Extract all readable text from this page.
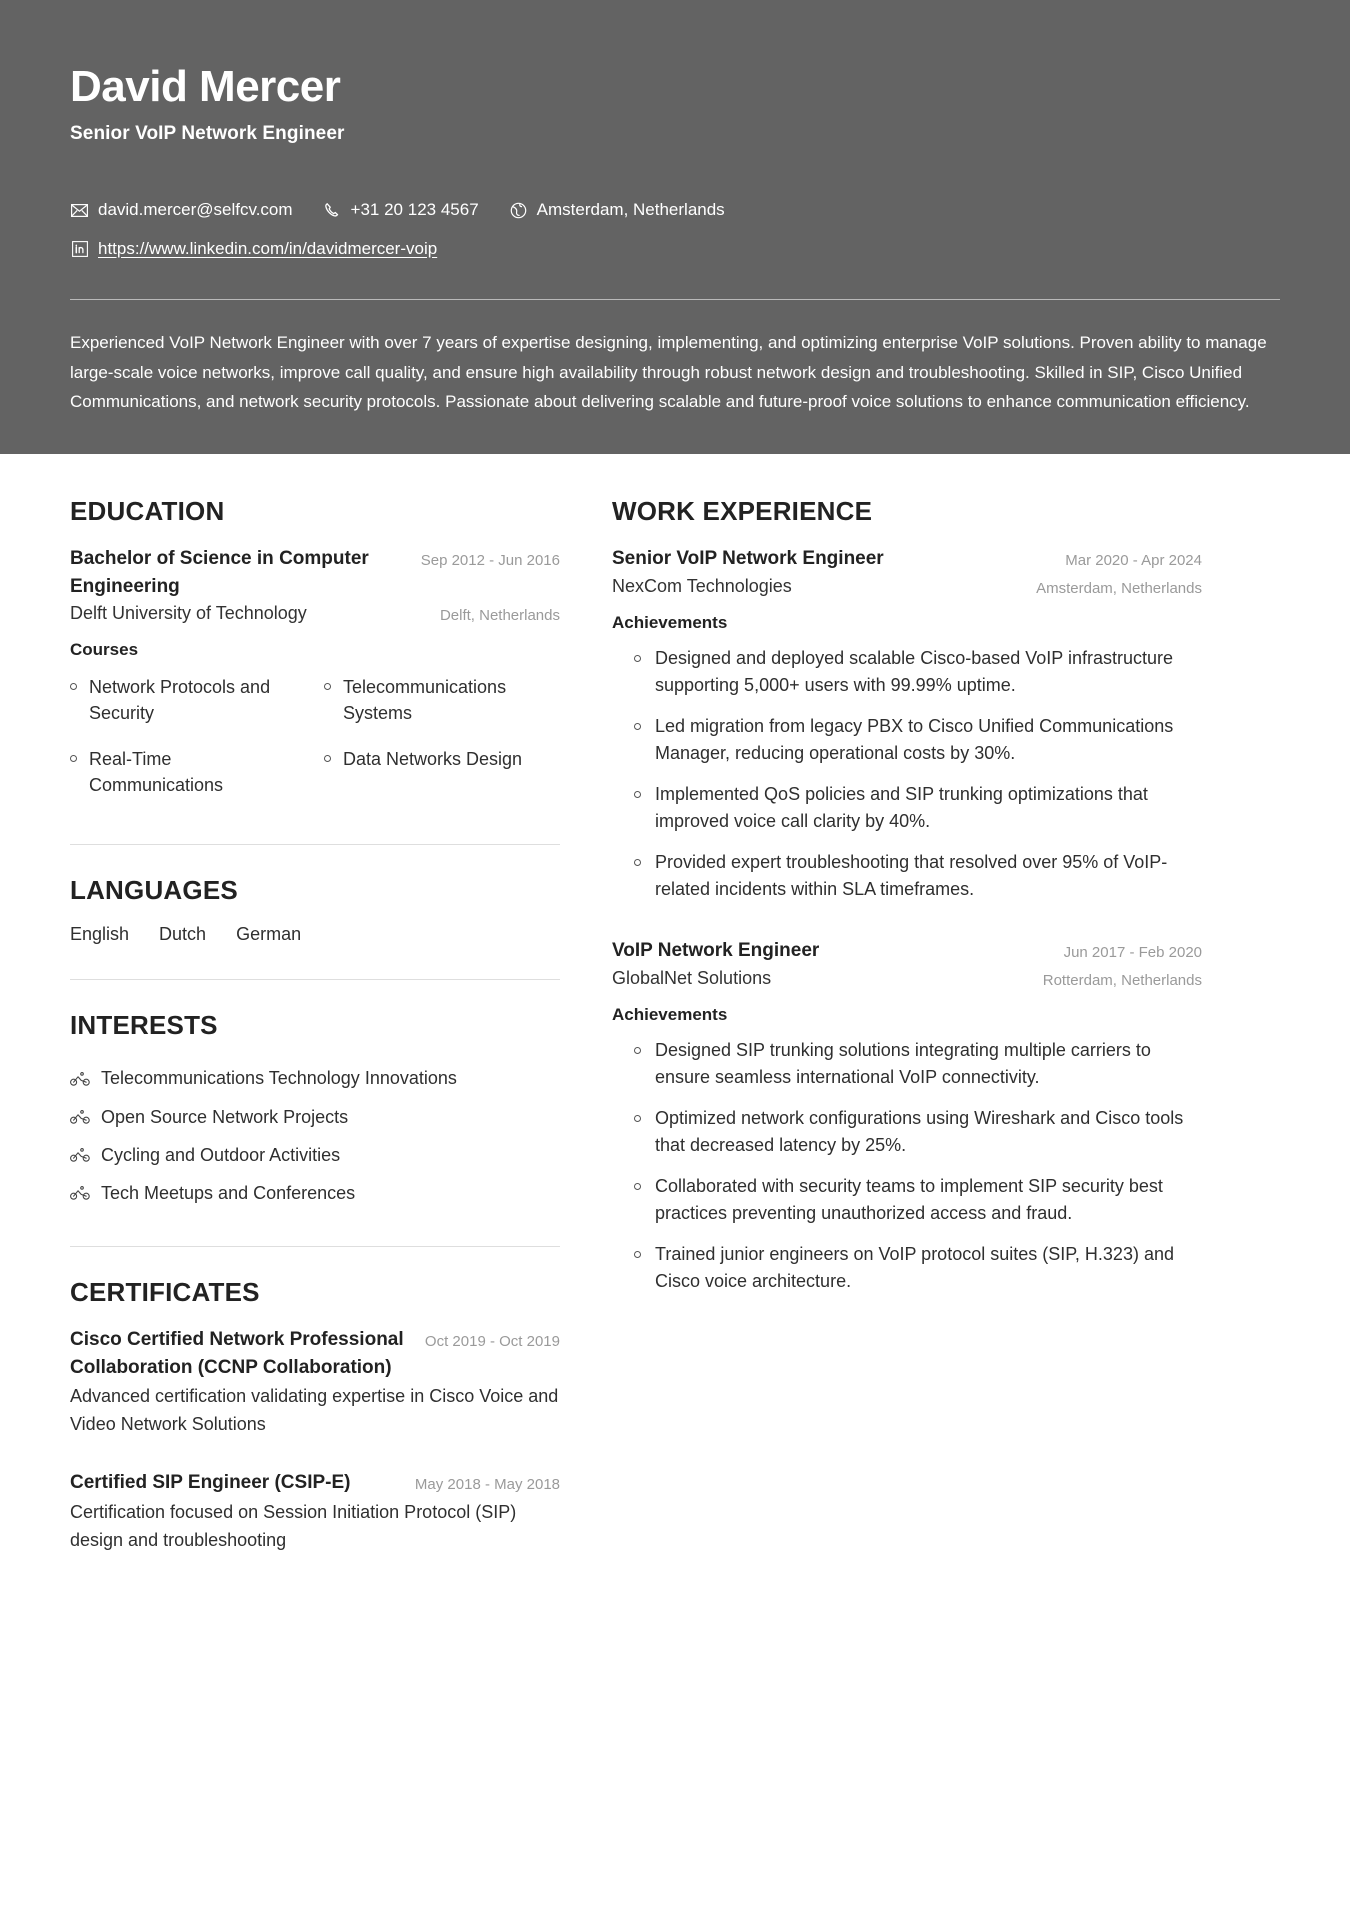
David Mercer
Senior VoIP Network Engineer
david.mercer@selfcv.com	+31 20 123 4567	Amsterdam, Netherlands
https://www.linkedin.com/in/davidmercer-voip

Experienced VoIP Network Engineer with over 7 years of expertise designing, implementing, and optimizing enterprise VoIP solutions. Proven ability to manage large-scale voice networks, improve call quality, and ensure high availability through robust network design and troubleshooting. Skilled in SIP, Cisco Unified Communications, and network security protocols. Passionate about delivering scalable and future-proof voice solutions to enhance communication efficiency.

EDUCATION
Bachelor of Science in Computer Engineering
Sep 2012 - Jun 2016
Delft University of Technology	Delft, Netherlands
Courses
Network Protocols and Security
Telecommunications Systems
Real-Time Communications
Data Networks Design
LANGUAGES
English Dutch German
INTERESTS
Telecommunications Technology Innovations
Open Source Network Projects
Cycling and Outdoor Activities
Tech Meetups and Conferences
CERTIFICATES
Cisco Certified Network Professional Collaboration (CCNP Collaboration)
Oct 2019 - Oct 2019
Advanced certification validating expertise in Cisco Voice and Video Network Solutions
Certified SIP Engineer (CSIP-E)	May 2018 - May 2018
Certification focused on Session Initiation Protocol (SIP) design and troubleshooting
WORK EXPERIENCE
Senior VoIP Network Engineer	Mar 2020 - Apr 2024
NexCom Technologies	Amsterdam, Netherlands
Achievements
Designed and deployed scalable Cisco-based VoIP infrastructure supporting 5,000+ users with 99.99% uptime.
Led migration from legacy PBX to Cisco Unified Communications Manager, reducing operational costs by 30%.
Implemented QoS policies and SIP trunking optimizations that improved voice call clarity by 40%.
Provided expert troubleshooting that resolved over 95% of VoIP-related incidents within SLA timeframes.
VoIP Network Engineer	Jun 2017 - Feb 2020
GlobalNet Solutions	Rotterdam, Netherlands
Achievements
Designed SIP trunking solutions integrating multiple carriers to ensure seamless international VoIP connectivity.
Optimized network configurations using Wireshark and Cisco tools that decreased latency by 25%.
Collaborated with security teams to implement SIP security best practices preventing unauthorized access and fraud.
Trained junior engineers on VoIP protocol suites (SIP, H.323) and Cisco voice architecture.
